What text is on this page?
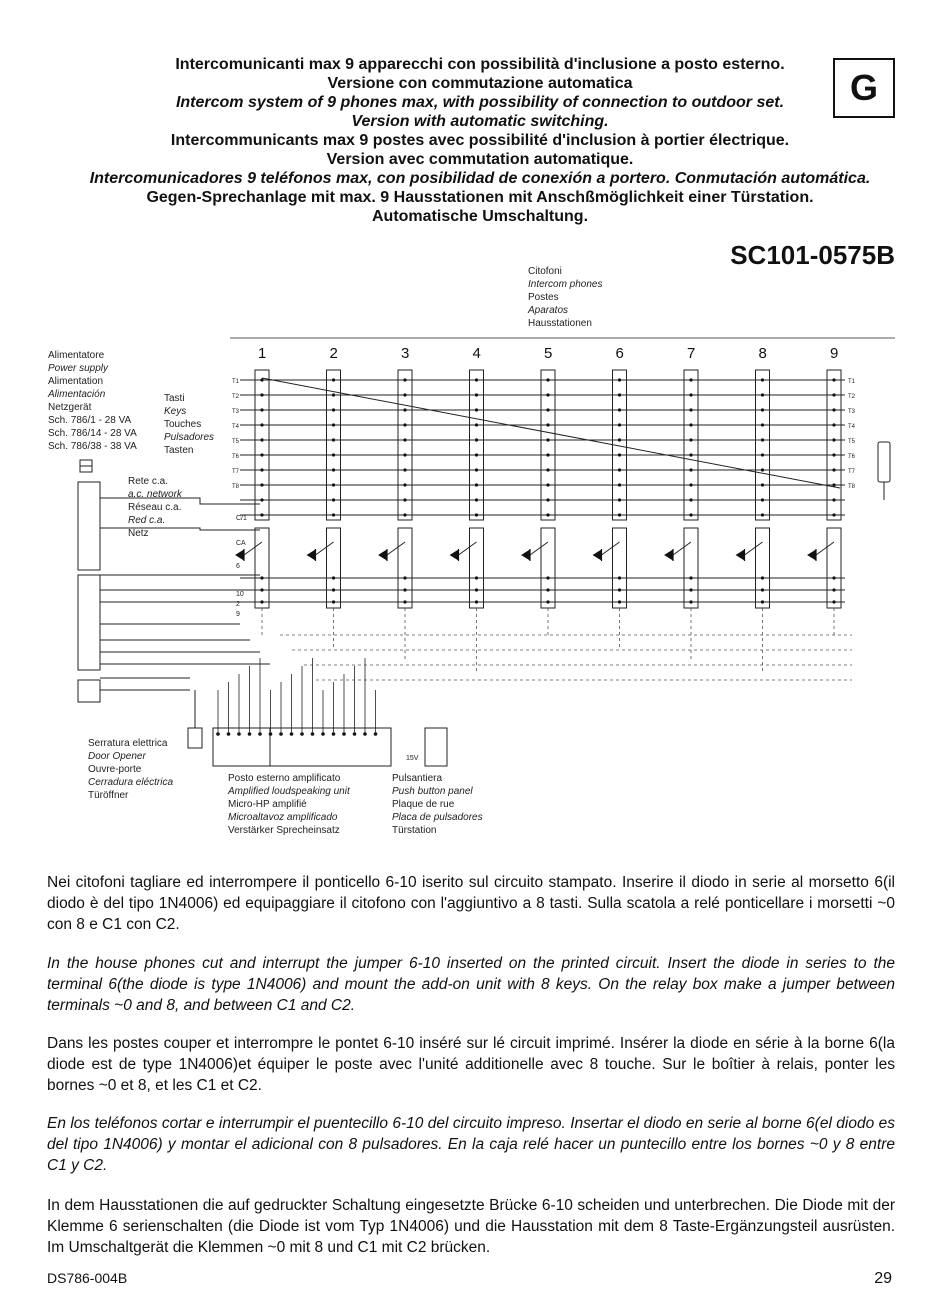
Intercomunicanti max 9 apparecchi con possibilità d'inclusione a posto esterno.
Versione con commutazione automatica
Intercom system of 9 phones max, with possibility of connection to outdoor set.
Version with automatic switching.
Intercommunicants max 9 postes avec possibilité d'inclusion à portier électrique.
Version avec commutation automatique.
Intercomunicadores 9 teléfonos max, con posibilidad de conexión a portero. Conmutación automática.
Gegen-Sprechanlage mit max. 9 Hausstationen mit Anschßmöglichkeit einer Türstation.
Automatische Umschaltung.
G
SC101-0575B
Citofoni
Intercom phones
Postes
Aparatos
Hausstationen
Alimentatore
Power supply
Alimentation
Alimentación
Netzgerät
Sch. 786/1 - 28 VA
Sch. 786/14 - 28 VA
Sch. 786/38 - 38 VA
Tasti
Keys
Touches
Pulsadores
Tasten
Rete c.a.
a.c. network
Réseau c.a.
Red c.a.
Netz
Serratura elettrica
Door Opener
Ouvre-porte
Cerradura eléctrica
Türöffner
Posto esterno amplificato
Amplified loudspeaking unit
Micro-HP amplifié
Microaltavoz amplificado
Verstärker Sprecheinsatz
Pulsantiera
Push button panel
Plaque de rue
Placa de pulsadores
Türstation
T1	T1
T2	T2
T3	T3
T4	T4
T5	T5
T6	T6
T7	T7
T8	T8
1	2	3	4	5	6	7	8	9
C/1
CA
6
10
2
9
15V
Nei citofoni tagliare ed interrompere il ponticello 6-10 iserito sul circuito stampato. Inserire il diodo in serie al morsetto 6(il diodo è del tipo 1N4006) ed equipaggiare il citofono con l'aggiuntivo a 8 tasti. Sulla scatola a relé ponticellare i morsetti ~0 con 8 e C1 con C2.
In the house phones cut and interrupt the jumper 6-10 inserted on the printed circuit. Insert the diode in series to the terminal 6(the diode is type 1N4006) and mount the add-on unit with 8 keys. On the relay box make a jumper between terminals ~0 and 8, and between C1 and C2.
Dans les postes couper et interrompre le pontet 6-10 inséré sur lé circuit imprimé. Insérer la diode en série à la borne 6(la diode est de type 1N4006)et équiper le poste avec l'unité additionelle avec 8 touche. Sur le boîtier à relais, ponter les bornes ~0 et 8, et les C1 et C2.
En los teléfonos cortar e interrumpir el puentecillo 6-10 del circuito impreso. Insertar el diodo en serie al borne 6(el diodo es del tipo 1N4006) y montar el adicional con 8 pulsadores. En la caja relé hacer un puntecillo entre los bornes ~0 y 8 entre C1 y C2.
In dem Hausstationen die auf gedruckter Schaltung eingesetzte Brücke 6-10 scheiden und unterbrechen. Die Diode mit der Klemme 6 serienschalten (die Diode ist vom Typ 1N4006) und die Hausstation mit dem 8 Taste-Ergänzungsteil ausrüsten. Im Umschaltgerät die Klemmen ~0 mit 8 und C1 mit C2 brücken.
DS786-004B	29
